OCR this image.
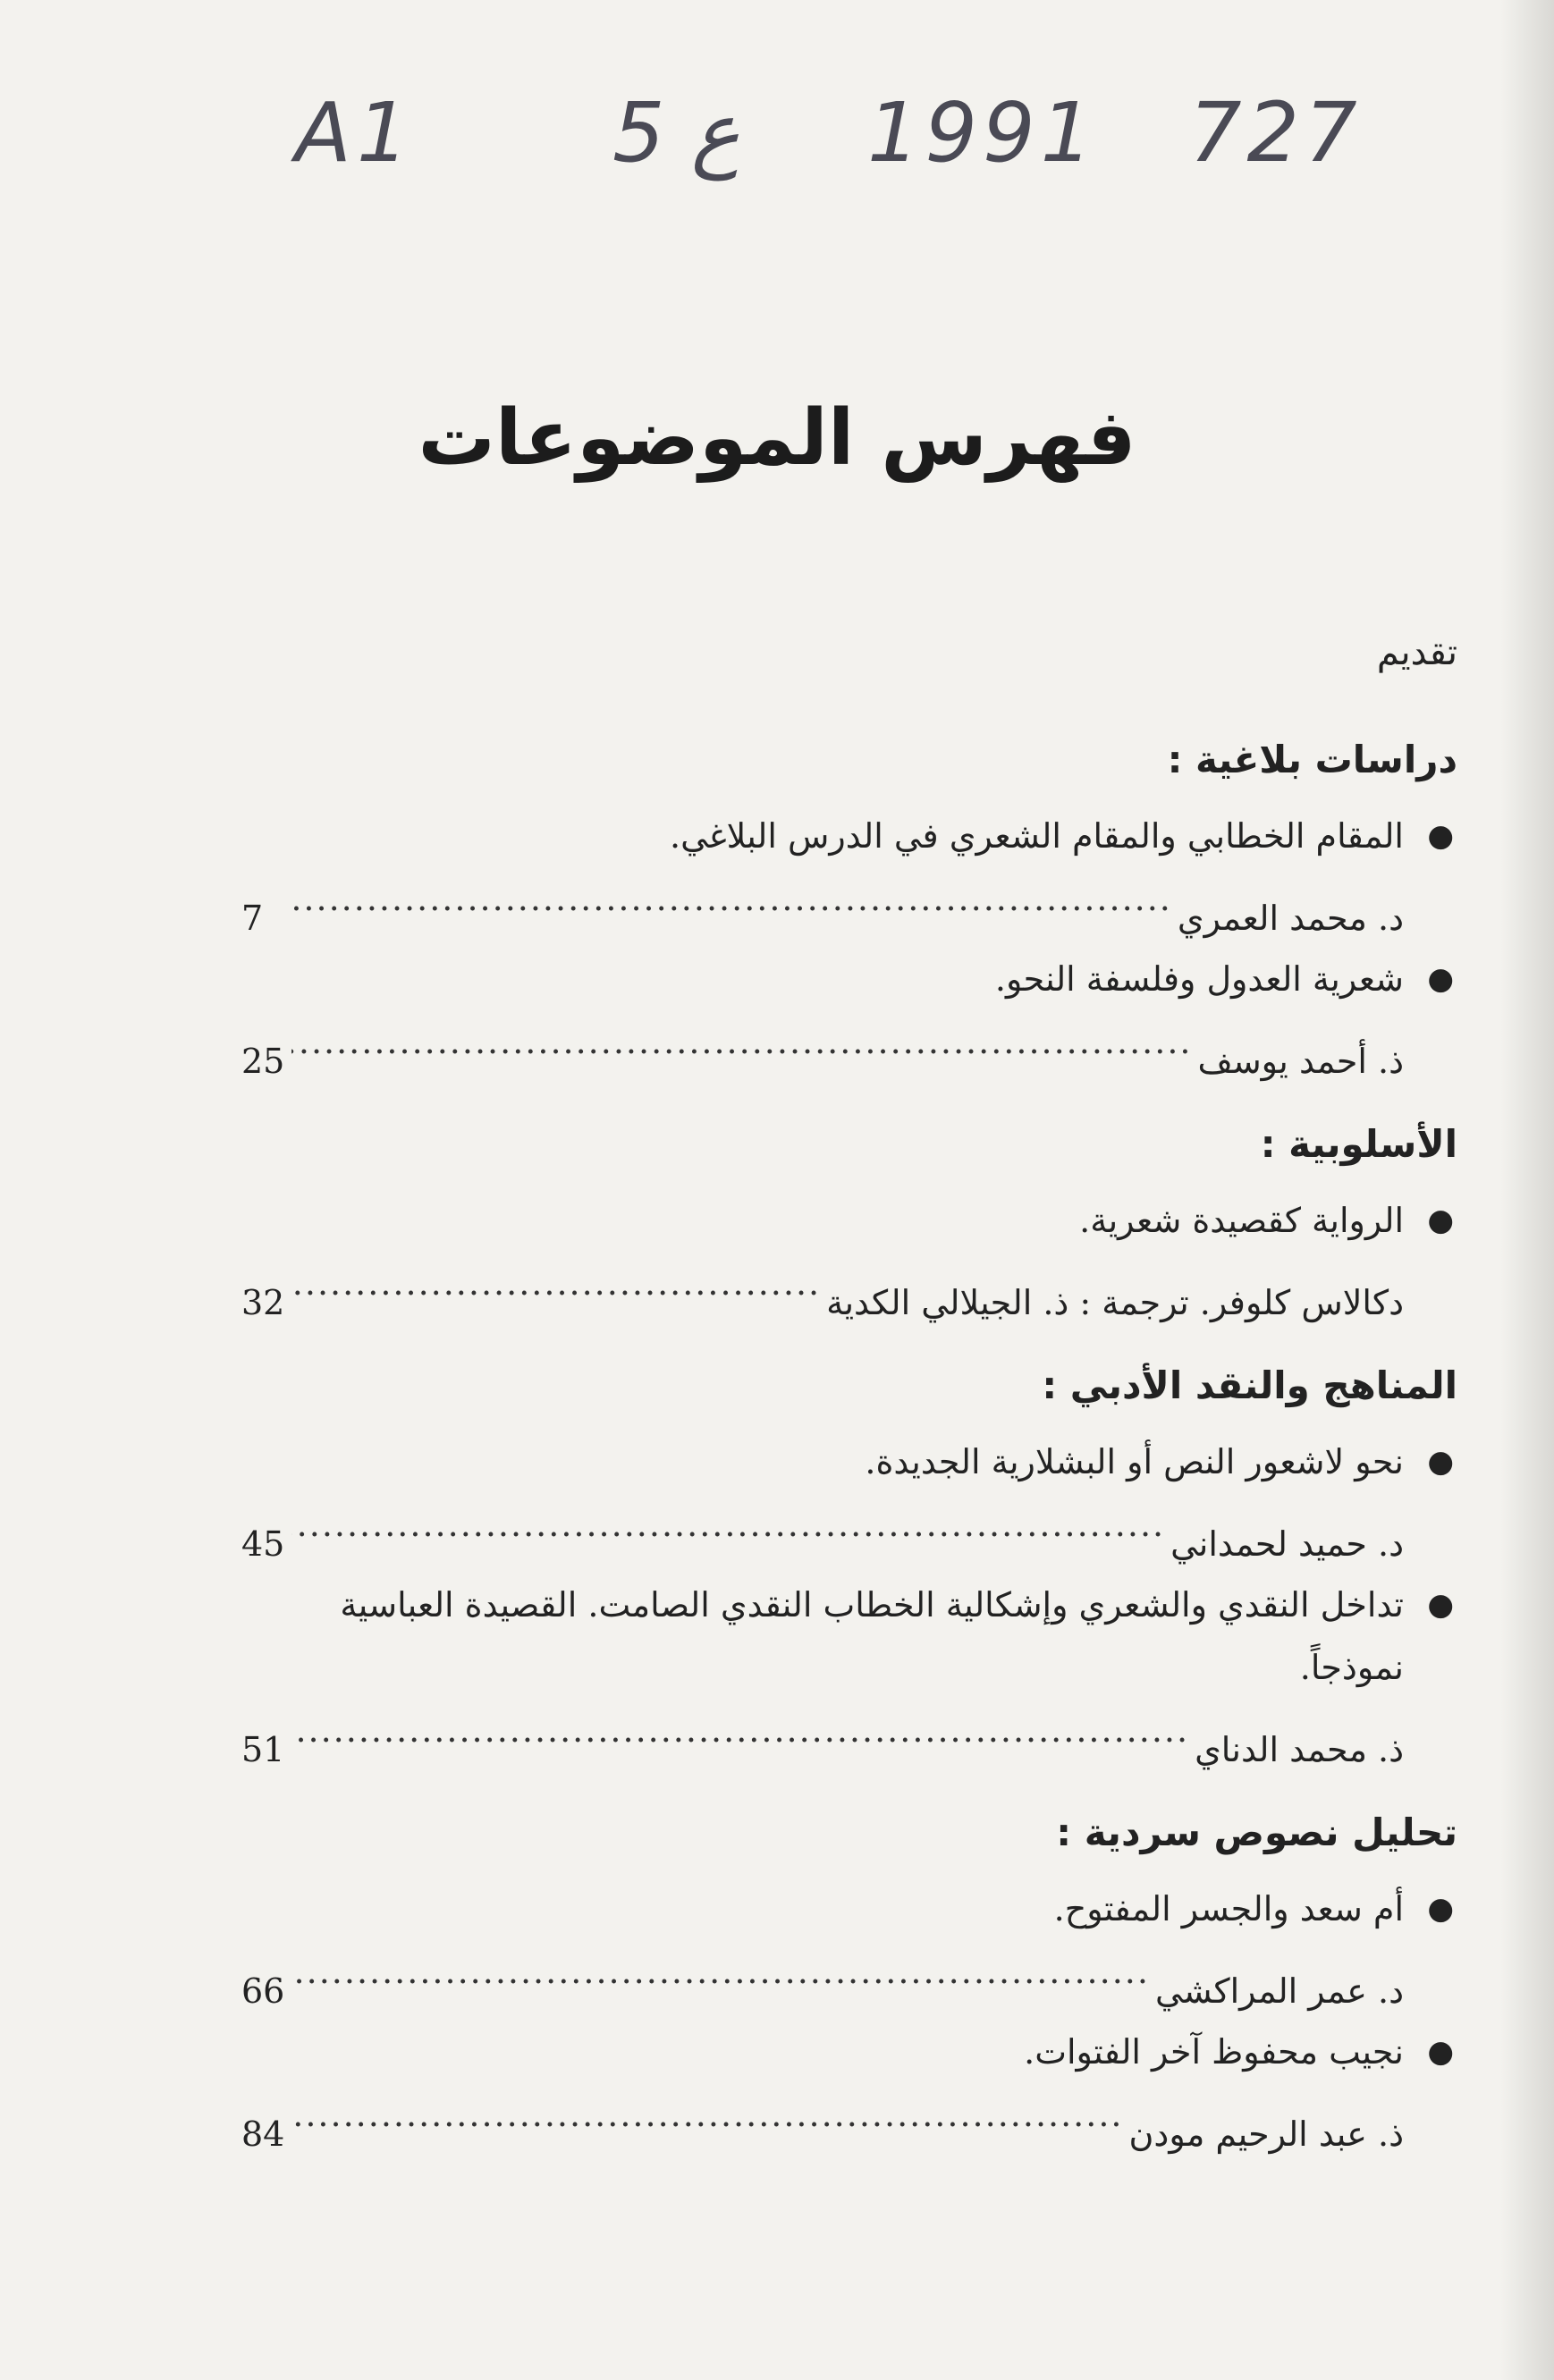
A1 5 ع 1991 727
فهرس الموضوعات
تقديم
دراسات بلاغية :
●
المقام الخطابي والمقام الشعري في الدرس البلاغي.
د. محمد العمري
.....
7
●
شعرية العدول وفلسفة النحو.
ذ. أحمد يوسف
.....
25
الأسلوبية :
●
الرواية كقصيدة شعرية.
دكالاس كلوفر. ترجمة : ذ. الجيلالي الكدية
.....
32
المناهج والنقد الأدبي :
●
نحو لاشعور النص أو البشلارية الجديدة.
د. حميد لحمداني
.....
45
●
تداخل النقدي والشعري وإشكالية الخطاب النقدي الصامت. القصيدة العباسية نموذجاً.
ذ. محمد الدناي
.....
51
تحليل نصوص سردية :
●
أم سعد والجسر المفتوح.
د. عمر المراكشي
.....
66
●
نجيب محفوظ آخر الفتوات.
ذ. عبد الرحيم مودن
.....
84
